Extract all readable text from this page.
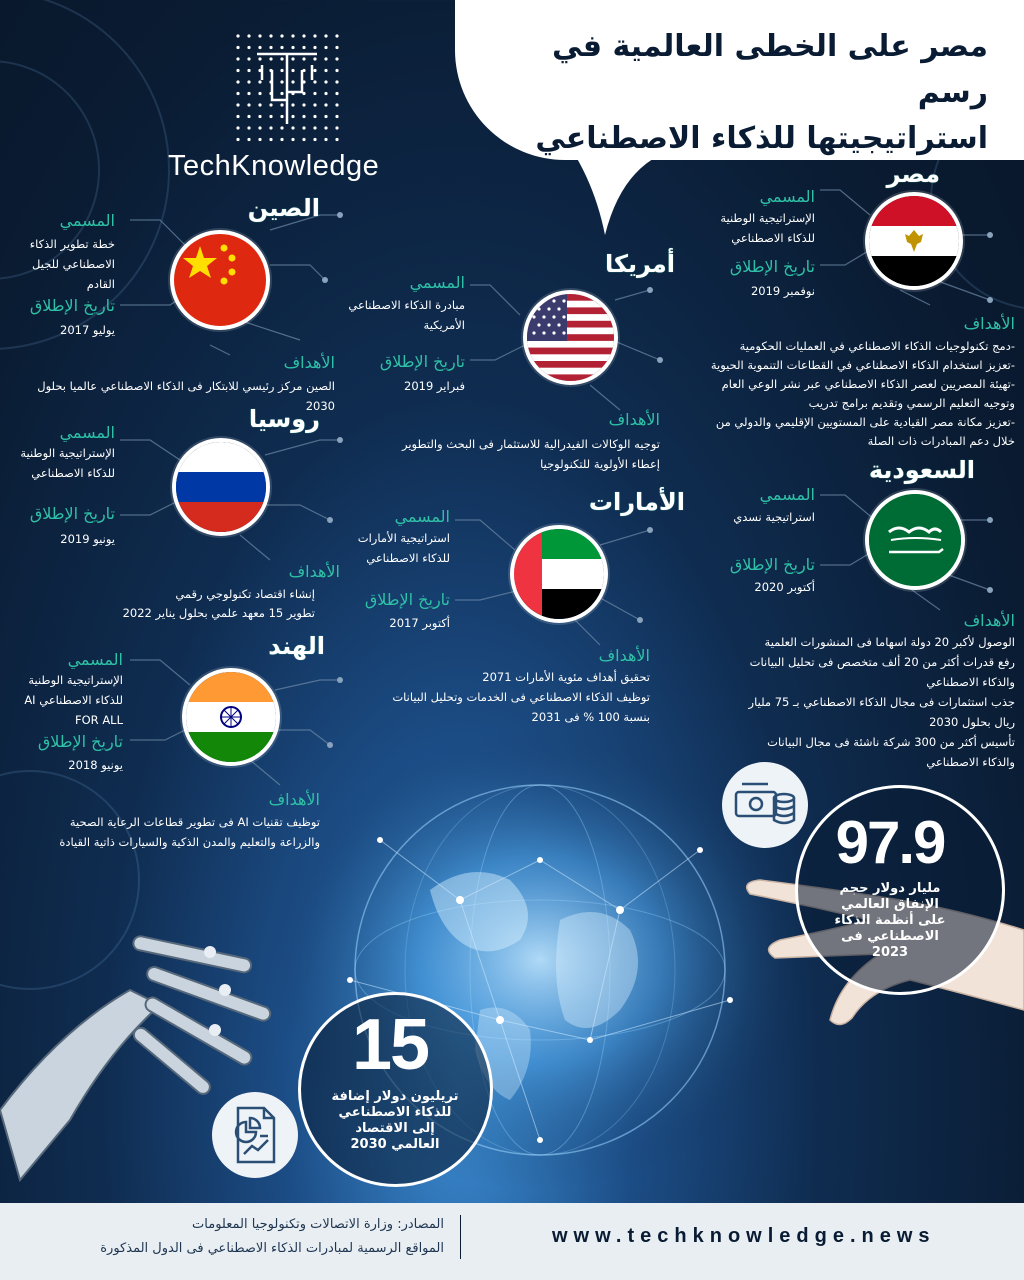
مصر على الخطى العالمية في رسم
استراتيجيتها للذكاء الاصطناعي
TechKnowledge
الصين
المسمي
خطة تطوير الذكاء الاصطناعي للجيل القادم
تاريخ الإطلاق
يوليو 2017
الأهداف
الصين مركز رئيسي للابتكار فى الذكاء الاصطناعي عالميا بحلول 2030
أمريكا
المسمي
مبادرة الذكاء الاصطناعي الأمريكية
تاريخ الإطلاق
فبراير 2019
الأهداف
توجيه الوكالات الفيدرالية للاستثمار فى البحث والتطوير
إعطاء الأولوية للتكنولوجيا
مصر
المسمي
الإستراتيجية الوطنية للذكاء الاصطناعي
تاريخ الإطلاق
نوفمبر 2019
الأهداف
-دمج تكنولوجيات الذكاء الاصطناعي في العمليات الحكومية
-تعزيز استخدام الذكاء الاصطناعي في القطاعات التنموية الحيوية
-تهيئة المصريين لعصر الذكاء الاصطناعي عبر نشر الوعي العام
وتوجيه التعليم الرسمي وتقديم برامج تدريب
-تعزيز مكانة مصر القيادية على المستويين الإقليمي والدولي من
خلال دعم المبادرات ذات الصلة
روسيا
المسمي
الإستراتيجية الوطنية للذكاء الاصطناعي
تاريخ الإطلاق
يونيو 2019
الأهداف
إنشاء اقتصاد تكنولوجي رقمي
تطوير 15 معهد علمي بحلول يناير 2022
الأمارات
المسمي
استراتيجية الأمارات للذكاء الاصطناعي
تاريخ الإطلاق
أكتوبر 2017
الأهداف
تحقيق أهداف مئوية الأمارات 2071
توظيف الذكاء الاصطناعي فى الخدمات وتحليل البيانات
بنسبة 100 % فى 2031
السعودية
المسمي
استراتيجية نسدي
تاريخ الإطلاق
أكتوبر 2020
الأهداف
الوصول لأكبر 20 دولة اسهاما فى المنشورات العلمية
رفع قدرات أكثر من 20 ألف متخصص فى تحليل البيانات
والذكاء الاصطناعي
جذب استثمارات فى مجال الذكاء الاصطناعي بـ 75 مليار
ريال بحلول 2030
تأسيس أكثر من 300 شركة ناشئة فى مجال البيانات
والذكاء الاصطناعي
الهند
المسمي
الإستراتيجية الوطنية
للذكاء الاصطناعي AI
FOR ALL
تاريخ الإطلاق
يونيو 2018
الأهداف
توظيف تقنيات AI فى تطوير قطاعات الرعاية الصحية
والزراعة والتعليم والمدن الذكية والسيارات ذاتية القيادة	97.9
مليار دولار حجم
الإنفاق العالمي
على أنظمة الذكاء
الاصطناعي فى
2023
15
تريليون دولار إضافة
للذكاء الاصطناعي
إلى الاقتصاد
العالمي 2030
المصادر: وزارة الاتصالات وتكنولوجيا المعلومات
المواقع الرسمية لمبادرات الذكاء الاصطناعي فى الدول المذكورة
www.techknowledge.news
